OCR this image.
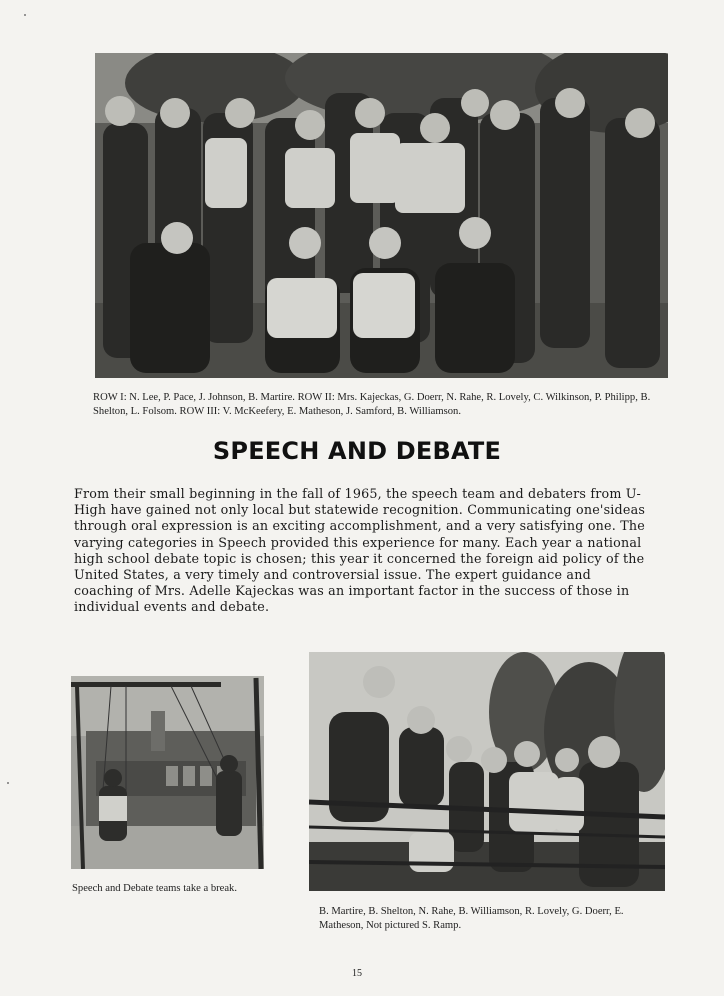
ROW I: N. Lee, P. Pace, J. Johnson, B. Martire. ROW II: Mrs. Kajeckas, G. Doerr, N. Rahe, R. Lovely, C. Wilkinson, P. Philipp, B. Shelton, L. Folsom. ROW III: V. McKeefery, E. Matheson, J. Samford, B. Williamson.

SPEECH AND DEBATE

From their small beginning in the fall of 1965, the speech team and debaters from U-High have gained not only local but statewide recognition. Communicating one'sideas through oral expression is an exciting accomplishment, and a very satisfying one. The varying categories in Speech provided this experience for many. Each year a national high school debate topic is chosen; this year it concerned the foreign aid policy of the United States, a very timely and controversial issue. The expert guidance and coaching of Mrs. Adelle Kajeckas was an important factor in the success of those in individual events and debate.

Speech and Debate teams take a break.

B. Martire, B. Shelton, N. Rahe, B. Williamson, R. Lovely, G. Doerr, E. Matheson, Not pictured S. Ramp.

15
